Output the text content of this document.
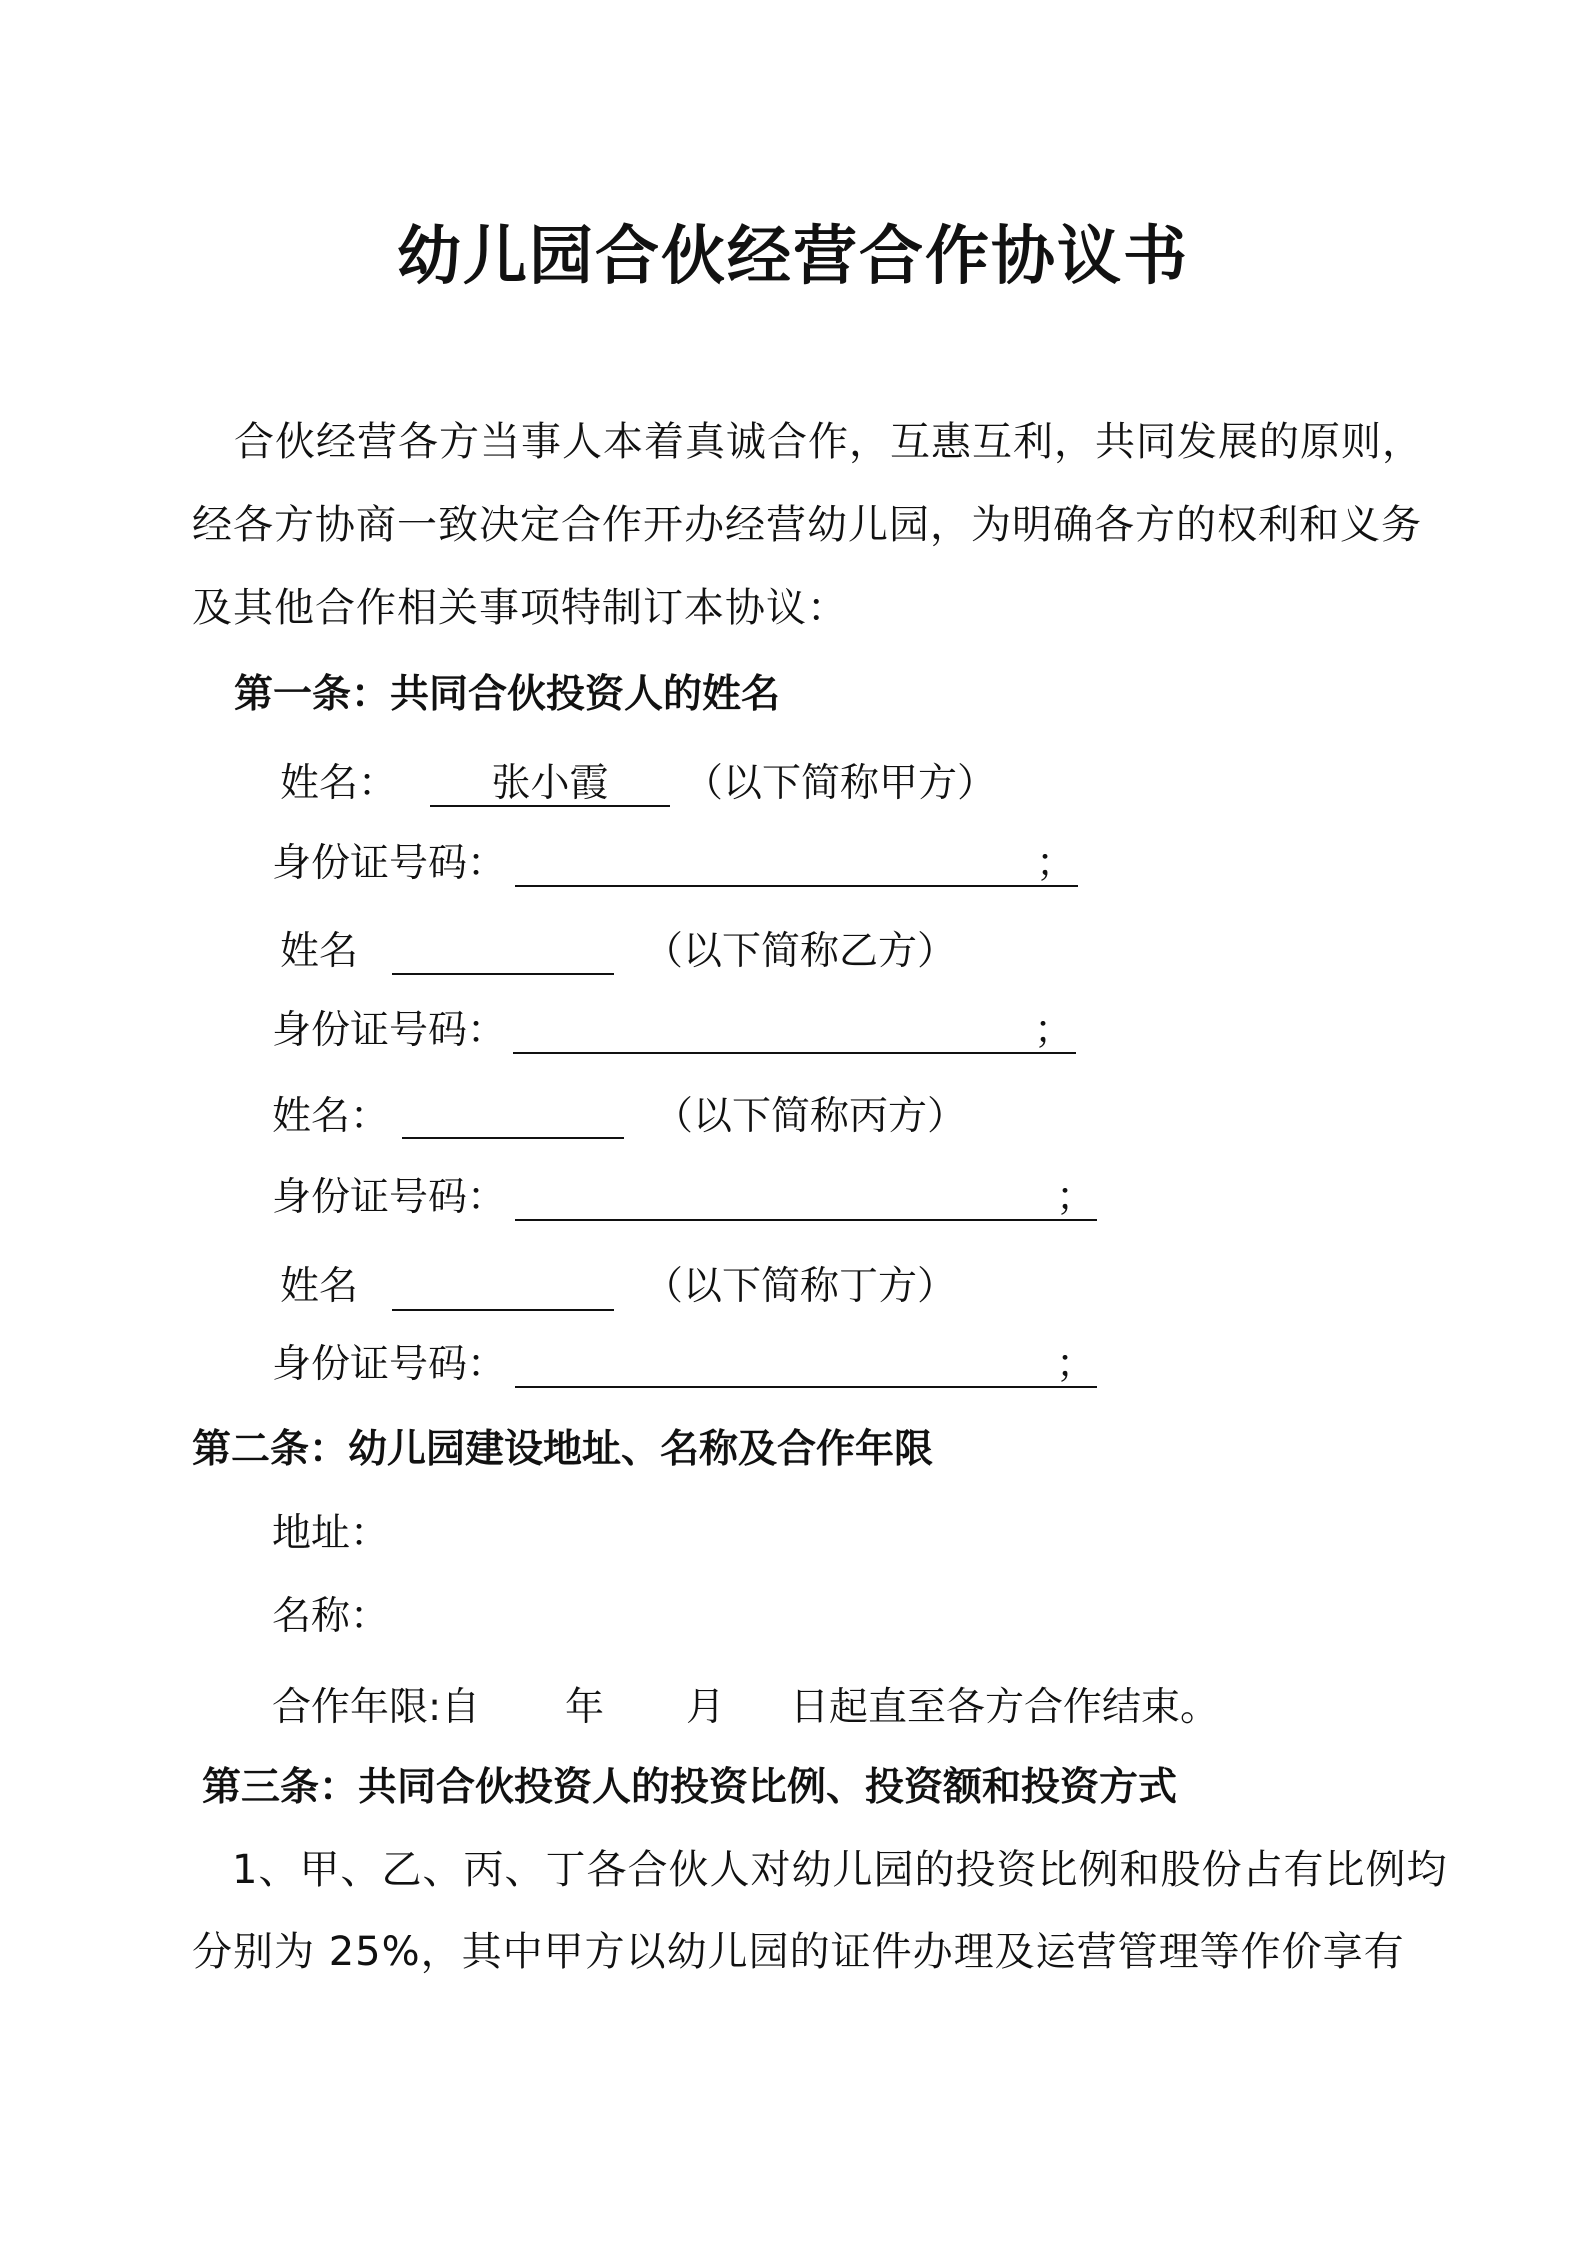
幼儿园合伙经营合作协议书
合伙经营各方当事人本着真诚合作，互惠互利，共同发展的原则，
经各方协商一致决定合作开办经营幼儿园，为明确各方的权利和义务
及其他合作相关事项特制订本协议：
第一条：共同合伙投资人的姓名
姓名：	张小霞	（以下简称甲方）
身份证号码：	；
姓名	（以下简称乙方）
身份证号码：	；
姓名：	（以下简称丙方）
身份证号码：	；
姓名	（以下简称丁方）
身份证号码：	；
第二条：幼儿园建设地址、名称及合作年限
地址：
名称：
合作年限:自 年 月 日起直至各方合作结束。
第三条：共同合伙投资人的投资比例、投资额和投资方式
1、甲、乙、丙、丁各合伙人对幼儿园的投资比例和股份占有比例均
分别为 25%，其中甲方以幼儿园的证件办理及运营管理等作价享有
